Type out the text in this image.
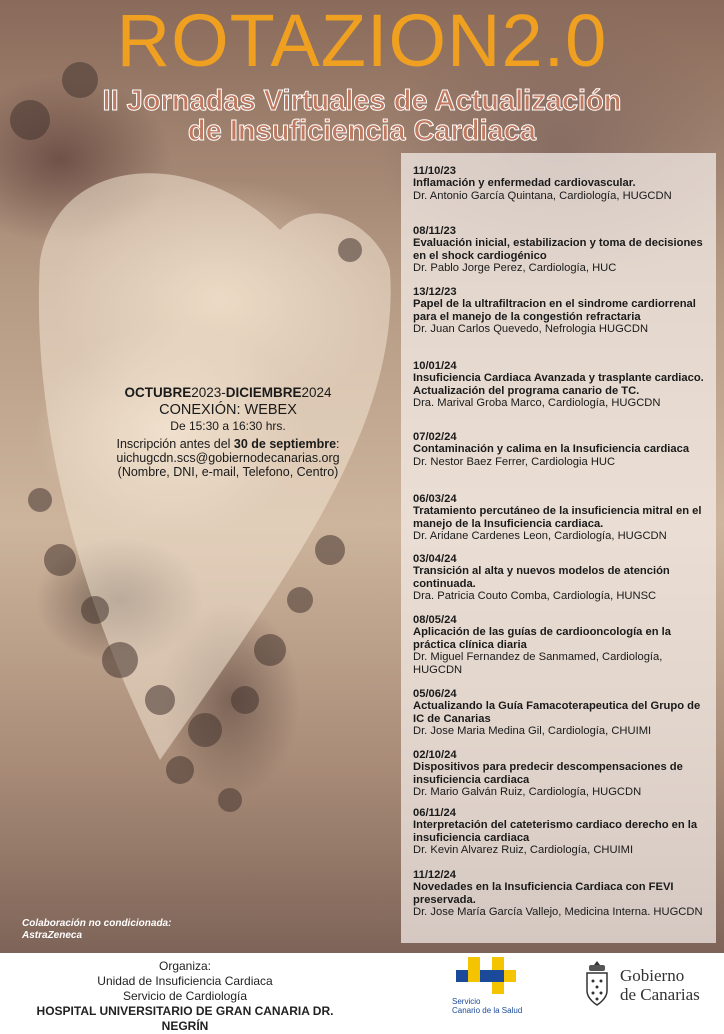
ROTAZION2.0
II Jornadas Virtuales de Actualización
de Insuficiencia Cardiaca
OCTUBRE2023-DICIEMBRE2024
CONEXIÓN: WEBEX
De 15:30 a 16:30 hrs.
Inscripción antes del 30 de septiembre:
uichugcdn.scs@gobiernodecanarias.org
(Nombre, DNI, e-mail, Telefono, Centro)
Colaboración no condicionada:
AstraZeneca
11/10/23
Inflamación y enfermedad cardiovascular.
Dr. Antonio García Quintana, Cardiología, HUGCDN
08/11/23
Evaluación inicial, estabilizacion y toma de decisiones en el shock cardiogénico
Dr. Pablo Jorge Perez, Cardiología, HUC
13/12/23
Papel de la ultrafiltracion en el sindrome cardiorrenal para el manejo de la congestión refractaria
Dr. Juan Carlos Quevedo, Nefrologia HUGCDN
10/01/24
Insuficiencia Cardiaca Avanzada y trasplante cardiaco. Actualización del programa canario de TC.
Dra. Marival Groba Marco, Cardiología, HUGCDN
07/02/24
Contaminación y calima en la Insuficiencia cardiaca
Dr. Nestor Baez Ferrer, Cardiologia HUC
06/03/24
Tratamiento percutáneo de la insuficiencia mitral en el manejo de la Insuficiencia cardiaca.
Dr. Aridane Cardenes Leon, Cardiología, HUGCDN
03/04/24
Transición al alta y nuevos modelos de atención continuada.
Dra. Patricia Couto Comba, Cardiología, HUNSC
08/05/24
Aplicación de las guías de cardiooncología en la práctica clínica diaria
Dr. Miguel Fernandez de Sanmamed, Cardiología, HUGCDN
05/06/24
Actualizando la Guía Famacoterapeutica del Grupo de IC de Canarias
Dr. Jose Maria Medina Gil, Cardiología, CHUIMI
02/10/24
Dispositivos para predecir descompensaciones de insuficiencia cardiaca
Dr. Mario Galván Ruiz, Cardiología, HUGCDN
06/11/24
Interpretación del cateterismo cardiaco derecho en la insuficiencia cardiaca
Dr. Kevin Alvarez Ruiz, Cardiología, CHUIMI
11/12/24
Novedades en la Insuficiencia Cardiaca con FEVI preservada.
Dr. Jose María García Vallejo, Medicina Interna. HUGCDN
Organiza:
Unidad de Insuficiencia Cardiaca
Servicio de Cardiología
HOSPITAL UNIVERSITARIO DE GRAN CANARIA DR. NEGRÍN
Servicio
Canario de la Salud
Gobierno
de Canarias
